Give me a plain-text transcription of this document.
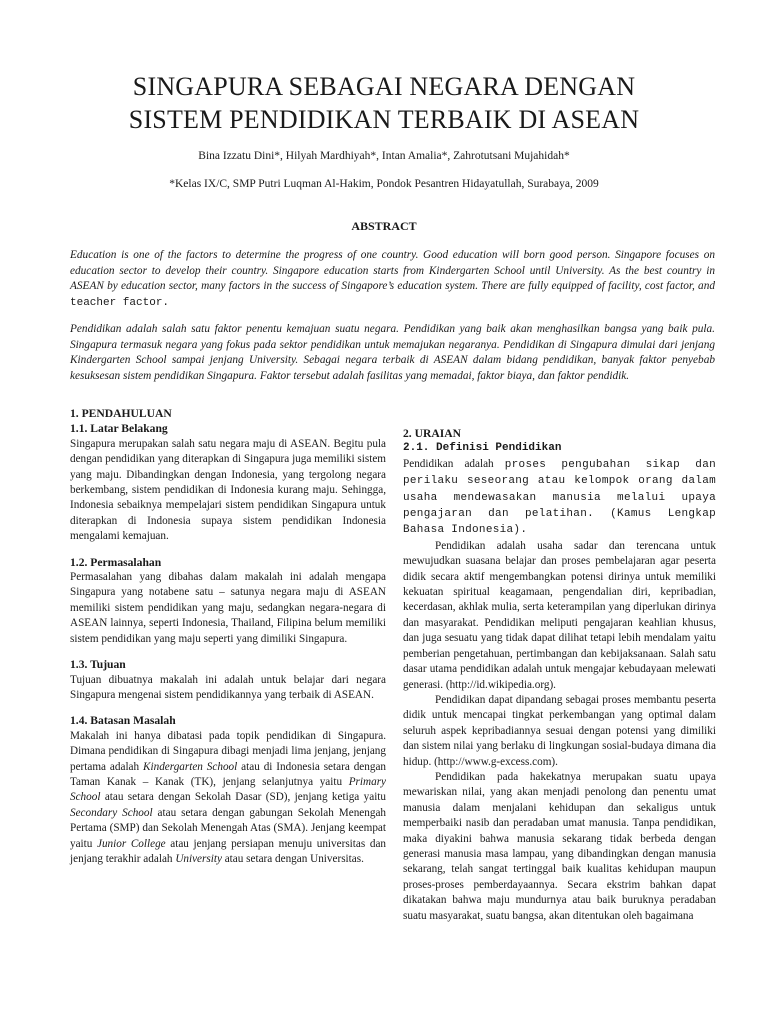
SINGAPURA SEBAGAI NEGARA DENGAN
SISTEM PENDIDIKAN TERBAIK DI ASEAN
Bina Izzatu Dini*, Hilyah Mardhiyah*, Intan Amalia*, Zahrotutsani Mujahidah*
*Kelas IX/C, SMP Putri Luqman Al-Hakim, Pondok Pesantren Hidayatullah, Surabaya, 2009
ABSTRACT
Education is one of the factors to determine the progress of one country. Good education will born good person. Singapore focuses on education sector to develop their country. Singapore education starts from Kindergarten School until University. As the best country in ASEAN by education sector, many factors in the success of Singapore’s education system. There are fully equipped of facility, cost factor, and teacher factor.
Pendidikan adalah salah satu faktor penentu kemajuan suatu negara. Pendidikan yang baik akan menghasilkan bangsa yang baik pula. Singapura termasuk negara yang fokus pada sektor pendidikan untuk memajukan negaranya. Pendidikan di Singapura dimulai dari jenjang Kindergarten School sampai jenjang University. Sebagai negara terbaik di ASEAN dalam bidang pendidikan, banyak faktor penyebab kesuksesan sistem pendidikan Singapura. Faktor tersebut adalah fasilitas yang memadai, faktor biaya, dan faktor pendidik.

1. PENDAHULUAN

1.1. Latar Belakang

Singapura merupakan salah satu negara maju di ASEAN. Begitu pula dengan pendidikan yang diterapkan di Singapura juga memiliki sistem yang maju. Dibandingkan dengan Indonesia, yang tergolong negara berkembang, sistem pendidikan di Indonesia kurang maju. Sehingga, Indonesia sebaiknya mempelajari sistem pendidikan Singapura untuk diterapkan di Indonesia supaya sistem pendidikan Indonesia mengalami kemajuan.

1.2. Permasalahan

Permasalahan yang dibahas dalam makalah ini adalah mengapa Singapura yang notabene satu – satunya negara maju di ASEAN memiliki sistem pendidikan yang maju, sedangkan negara-negara di ASEAN lainnya, seperti Indonesia, Thailand, Filipina belum memiliki sistem pendidikan yang maju seperti yang dimiliki Singapura.

1.3. Tujuan

Tujuan dibuatnya makalah ini adalah untuk belajar dari negara Singapura mengenai sistem pendidikannya yang terbaik di ASEAN.

1.4. Batasan Masalah

Makalah ini hanya dibatasi pada topik pendidikan di Singapura. Dimana pendidikan di Singapura dibagi menjadi lima jenjang, jenjang pertama adalah Kindergarten School atau di Indonesia setara dengan Taman Kanak – Kanak (TK), jenjang selanjutnya yaitu Primary School atau setara dengan Sekolah Dasar (SD), jenjang ketiga yaitu Secondary School atau setara dengan gabungan Sekolah Menengah Pertama (SMP) dan Sekolah Menengah Atas (SMA). Jenjang keempat yaitu Junior College atau jenjang persiapan menuju universitas dan jenjang terakhir adalah University atau setara dengan Universitas.

2. URAIAN

2.1. Definisi Pendidikan

Pendidikan adalah proses pengubahan sikap dan perilaku seseorang atau kelompok orang dalam usaha mendewasakan manusia melalui upaya pengajaran dan pelatihan. (Kamus Lengkap Bahasa Indonesia).

Pendidikan adalah usaha sadar dan terencana untuk mewujudkan suasana belajar dan proses pembelajaran agar peserta didik secara aktif mengembangkan potensi dirinya untuk memiliki kekuatan spiritual keagamaan, pengendalian diri, kepribadian, kecerdasan, akhlak mulia, serta keterampilan yang diperlukan dirinya dan masyarakat. Pendidikan meliputi pengajaran keahlian khusus, dan juga sesuatu yang tidak dapat dilihat tetapi lebih mendalam yaitu pemberian pengetahuan, pertimbangan dan kebijaksanaan. Salah satu dasar utama pendidikan adalah untuk mengajar kebudayaan melewati generasi. (http://id.wikipedia.org).

Pendidikan dapat dipandang sebagai proses membantu peserta didik untuk mencapai tingkat perkembangan yang optimal dalam seluruh aspek kepribadiannya sesuai dengan potensi yang dimiliki dan sistem nilai yang berlaku di lingkungan sosial-budaya dimana dia hidup. (http://www.g-excess.com).

Pendidikan pada hakekatnya merupakan suatu upaya mewariskan nilai, yang akan menjadi penolong dan penentu umat manusia dalam menjalani kehidupan dan sekaligus untuk memperbaiki nasib dan peradaban umat manusia. Tanpa pendidikan, maka diyakini bahwa manusia sekarang tidak berbeda dengan generasi manusia masa lampau, yang dibandingkan dengan manusia sekarang, telah sangat tertinggal baik kualitas kehidupan maupun proses-proses pemberdayaannya. Secara ekstrim bahkan dapat dikatakan bahwa maju mundurnya atau baik buruknya peradaban suatu masyarakat, suatu bangsa, akan ditentukan oleh bagaimana
